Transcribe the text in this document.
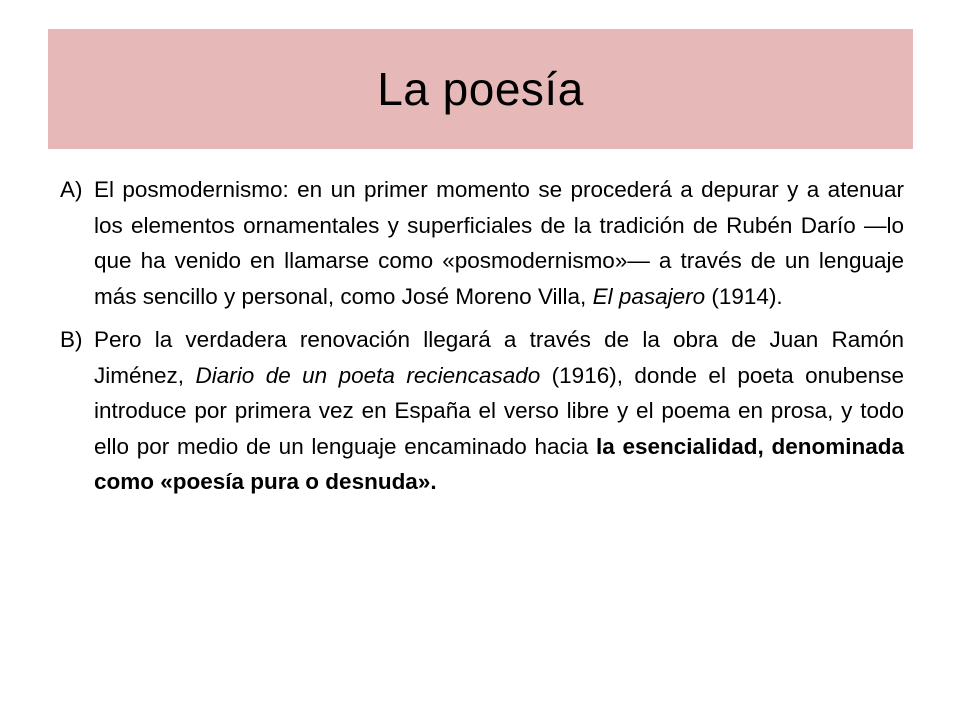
La poesía
A) El posmodernismo: en un primer momento se procederá a depurar y a atenuar los elementos ornamentales y superficiales de la tradición de Rubén Darío —lo que ha venido en llamarse como «posmodernismo»— a través de un lenguaje más sencillo y personal, como José Moreno Villa, El pasajero (1914).
B) Pero la verdadera renovación llegará a través de la obra de Juan Ramón Jiménez, Diario de un poeta reciencasado (1916), donde el poeta onubense introduce por primera vez en España el verso libre y el poema en prosa, y todo ello por medio de un lenguaje encaminado hacia la esencialidad, denominada como «poesía pura o desnuda».
